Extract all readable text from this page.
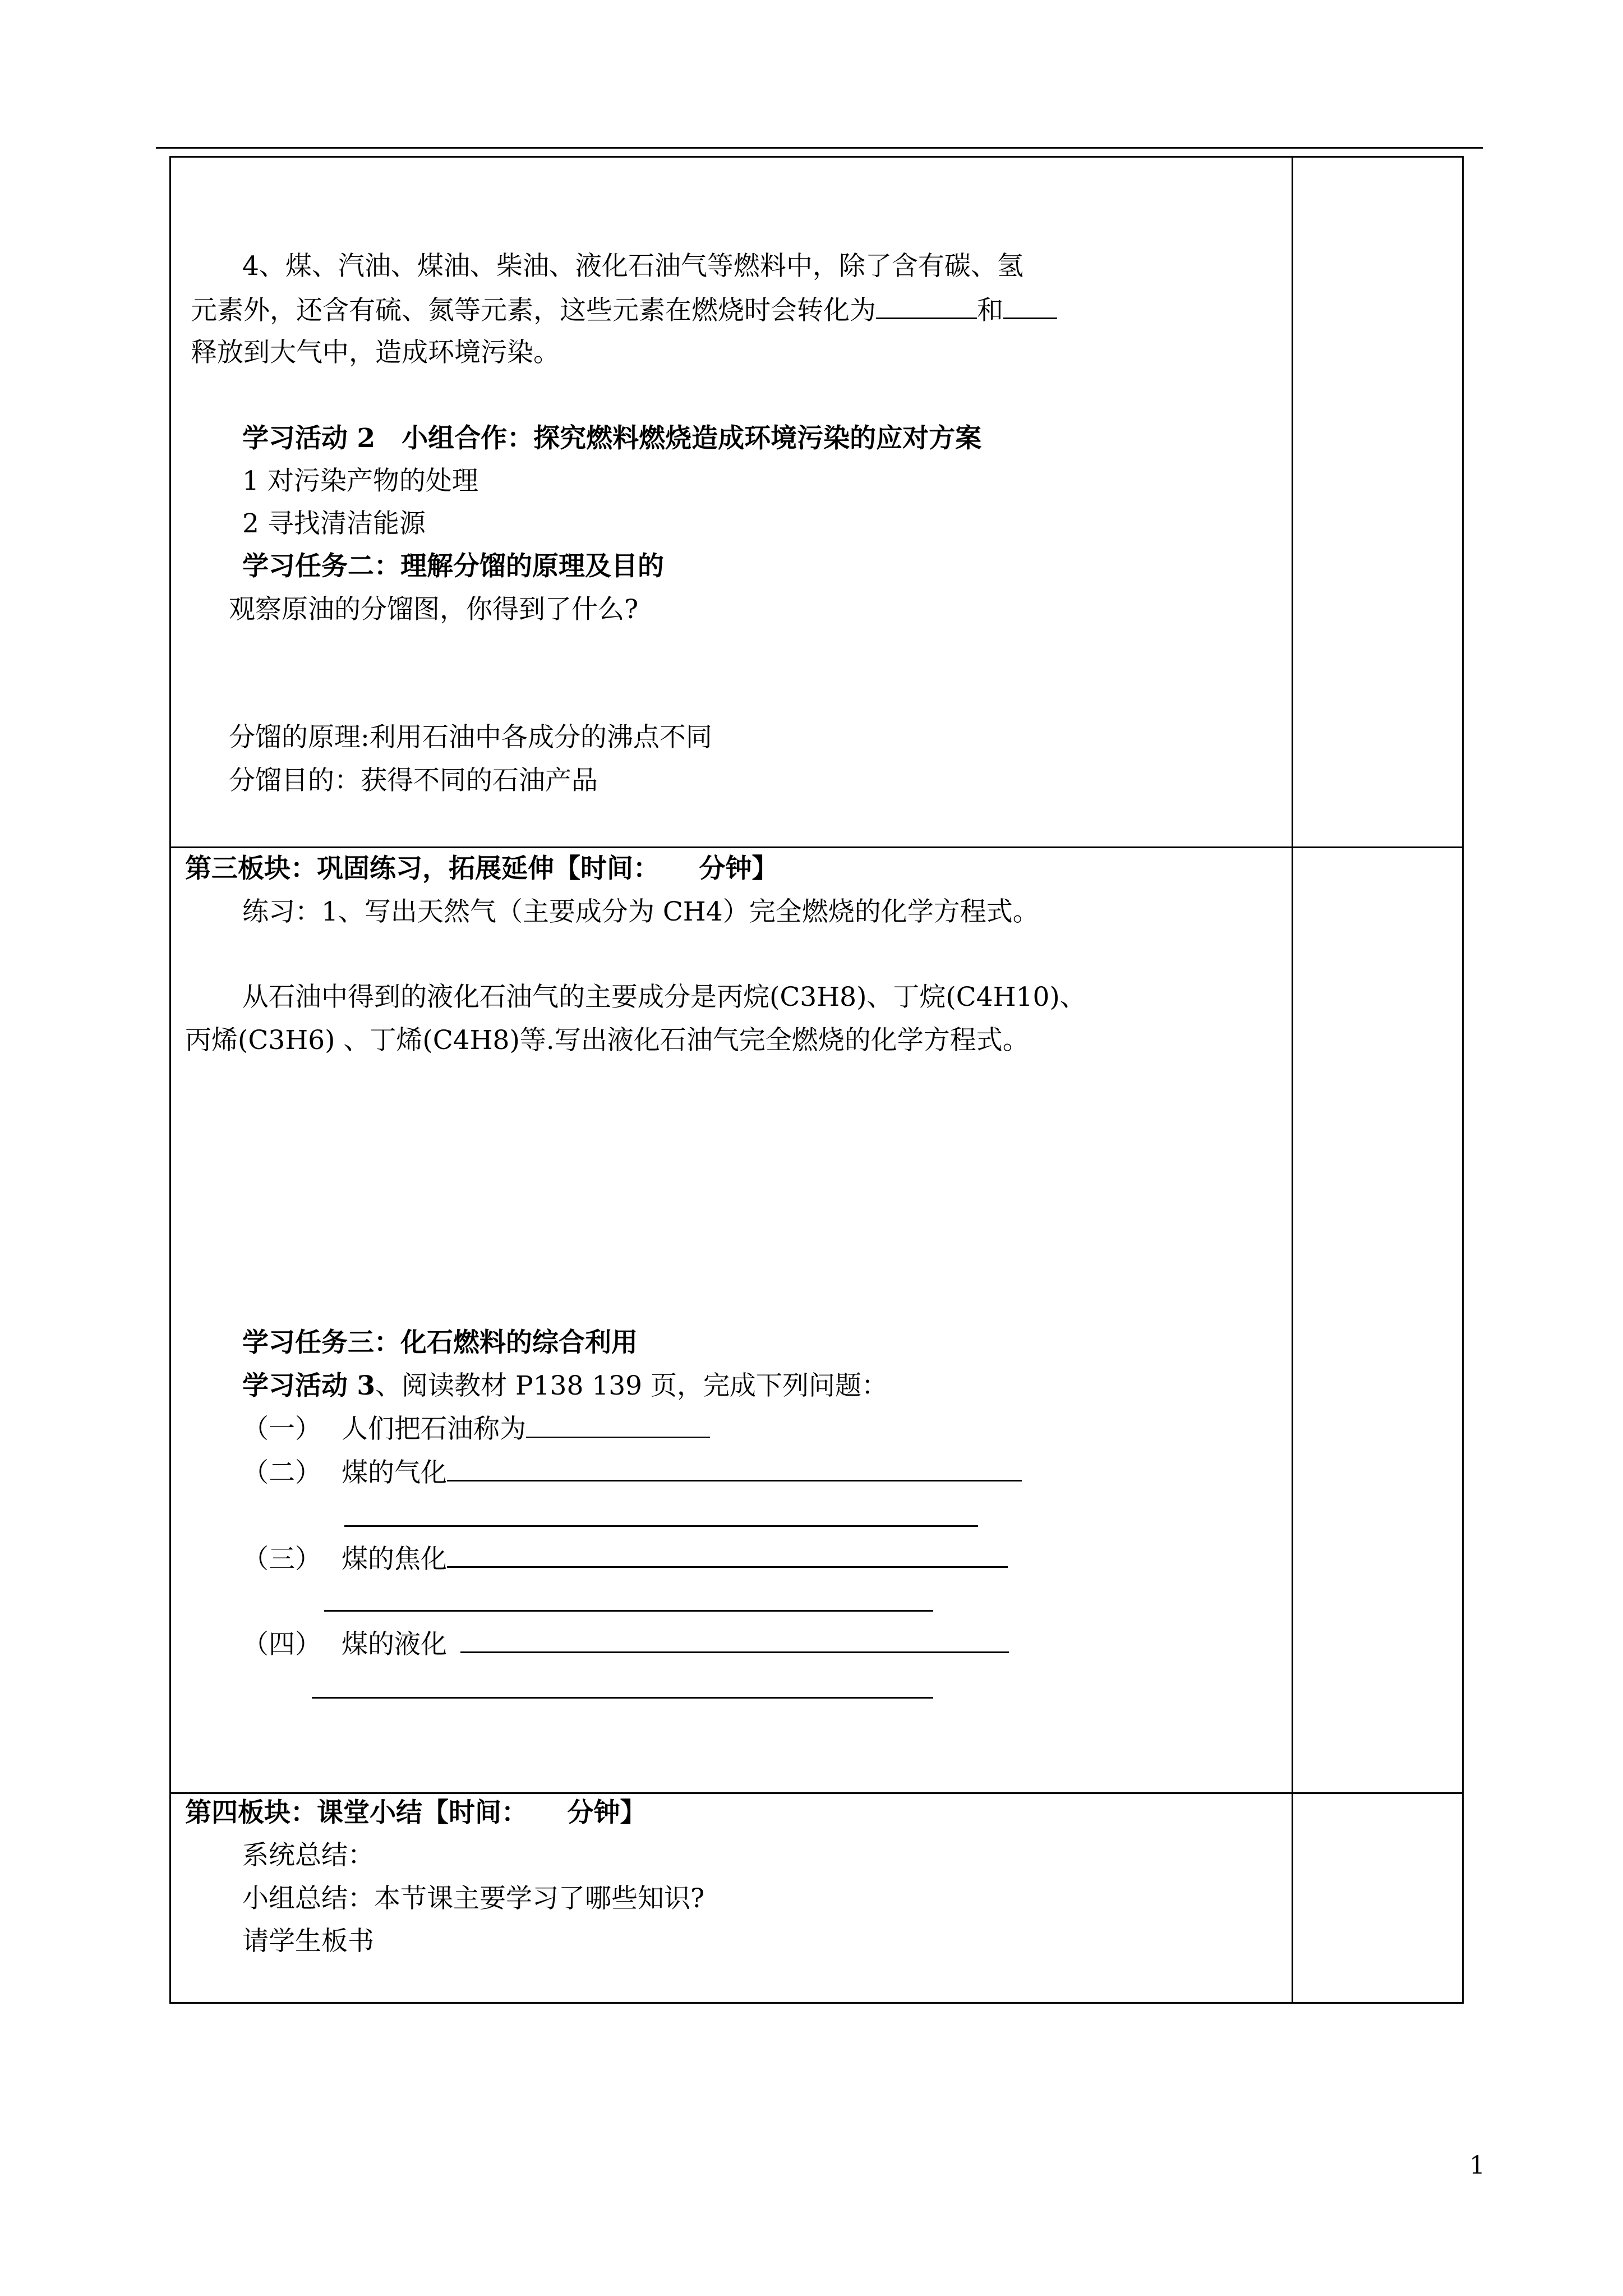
4、煤、汽油、煤油、柴油、液化石油气等燃料中，除了含有碳、氢
元素外，还含有硫、氮等元素，这些元素在燃烧时会转化为	和
释放到大气中，造成环境污染。
学习活动 2　小组合作：探究燃料燃烧造成环境污染的应对方案
1 对污染产物的处理
2 寻找清洁能源
学习任务二：理解分馏的原理及目的
观察原油的分馏图，你得到了什么?
分馏的原理:利用石油中各成分的沸点不同
分馏目的：获得不同的石油产品
第三板块：巩固练习，拓展延伸【时间：　　分钟】
练习：1、写出天然气（主要成分为 CH4）完全燃烧的化学方程式。
从石油中得到的液化石油气的主要成分是丙烷(C3H8)、丁烷(C4H10)、
丙烯(C3H6) 、丁烯(C4H8)等.写出液化石油气完全燃烧的化学方程式。
学习任务三：化石燃料的综合利用
学习活动 3、阅读教材 P138 139 页，完成下列问题：
（一） 人们把石油称为
（二） 煤的气化
（三） 煤的焦化
（四） 煤的液化
第四板块：课堂小结【时间：　　分钟】
系统总结：
小组总结：本节课主要学习了哪些知识?
请学生板书
1
